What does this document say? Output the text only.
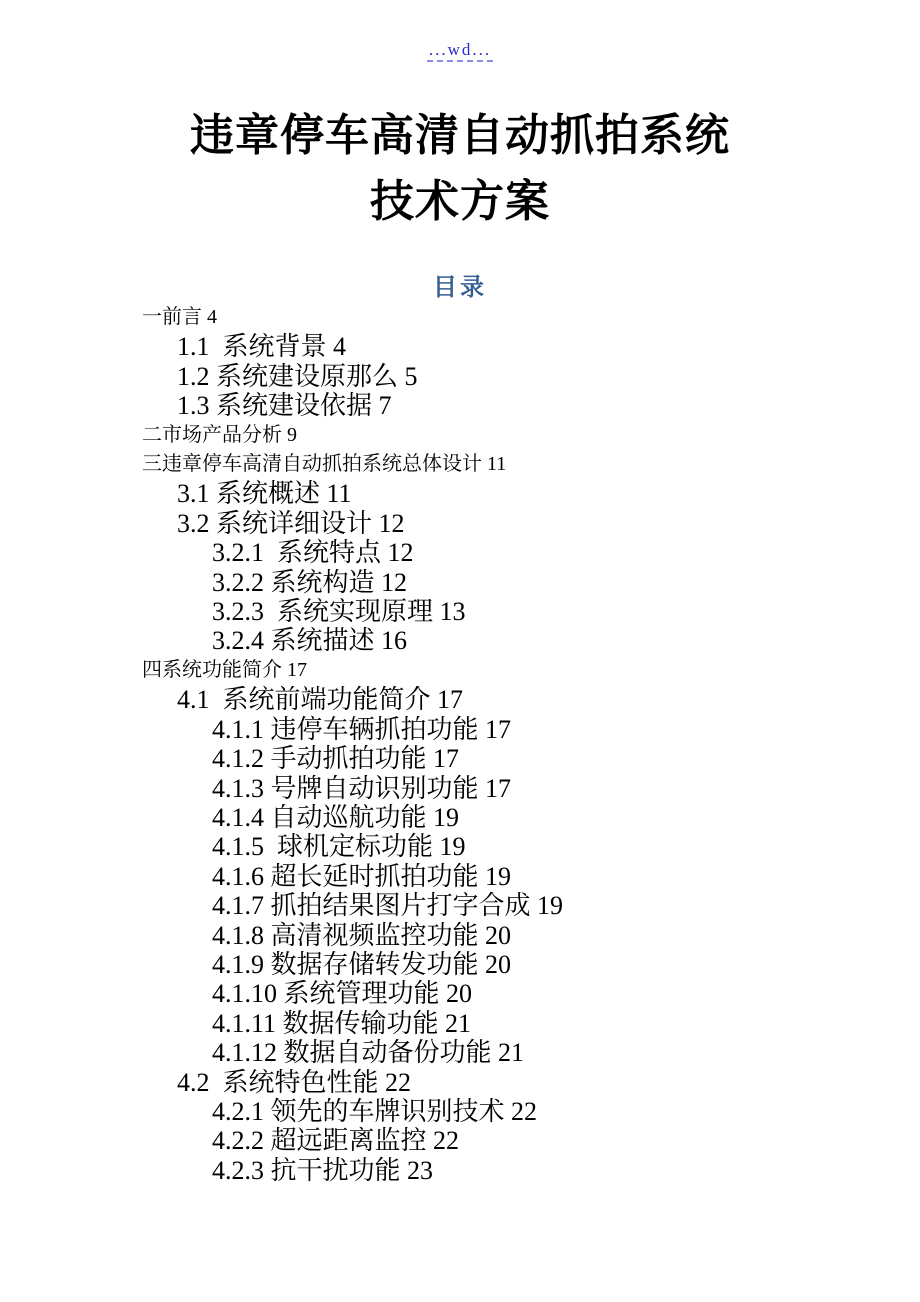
...wd...
违章停车高清自动抓拍系统
技术方案
目录
一前言 4
1.1  系统背景 4
1.2 系统建设原那么 5
1.3 系统建设依据 7
二市场产品分析 9
三违章停车高清自动抓拍系统总体设计 11
3.1 系统概述 11
3.2 系统详细设计 12
3.2.1  系统特点 12
3.2.2 系统构造 12
3.2.3  系统实现原理 13
3.2.4 系统描述 16
四系统功能简介 17
4.1  系统前端功能简介 17
4.1.1 违停车辆抓拍功能 17
4.1.2 手动抓拍功能 17
4.1.3 号牌自动识别功能 17
4.1.4 自动巡航功能 19
4.1.5  球机定标功能 19
4.1.6 超长延时抓拍功能 19
4.1.7 抓拍结果图片打字合成 19
4.1.8 高清视频监控功能 20
4.1.9 数据存储转发功能 20
4.1.10 系统管理功能 20
4.1.11 数据传输功能 21
4.1.12 数据自动备份功能 21
4.2  系统特色性能 22
4.2.1 领先的车牌识别技术 22
4.2.2 超远距离监控 22
4.2.3 抗干扰功能 23
